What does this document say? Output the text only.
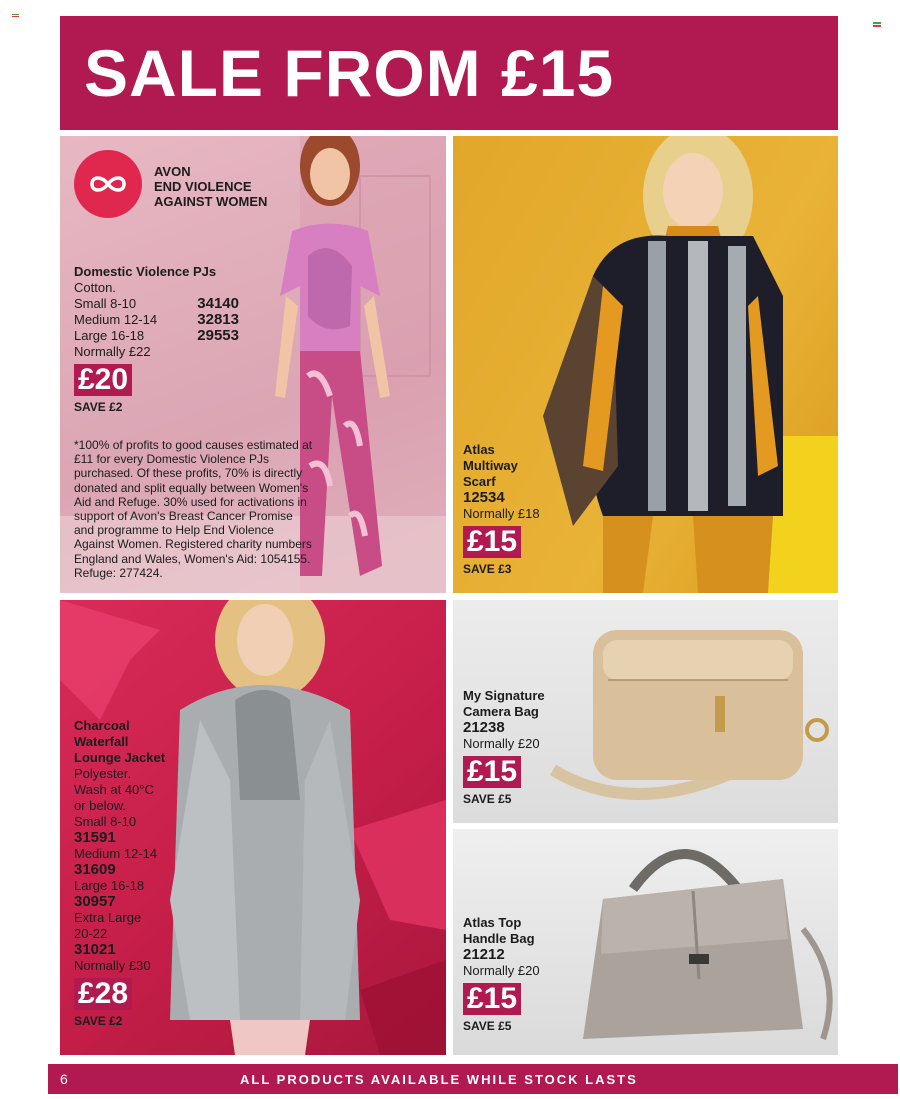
SALE FROM £15
AVON
END VIOLENCE
AGAINST WOMEN
Domestic Violence PJs
Cotton.
Small 8-10	34140
Medium 12-14	32813
Large 16-18	29553
Normally £22
£20
SAVE £2
*100% of profits to good causes estimated at £11 for every Domestic Violence PJs purchased. Of these profits, 70% is directly donated and split equally between Women's Aid and Refuge. 30% used for activations in support of Avon's Breast Cancer Promise and programme to Help End Violence Against Women. Registered charity numbers England and Wales, Women's Aid: 1054155. Refuge: 277424.
Atlas
Multiway
Scarf
12534
Normally £18
£15
SAVE £3
Charcoal
Waterfall
Lounge Jacket
Polyester.
Wash at 40°C
or below.
Small 8-10
31591
Medium 12-14
31609
Large 16-18
30957
Extra Large
20-22
31021
Normally £30
£28
SAVE £2
My Signature
Camera Bag
21238
Normally £20
£15
SAVE £5
Atlas Top
Handle Bag
21212
Normally £20
£15
SAVE £5
6	ALL PRODUCTS AVAILABLE WHILE STOCK LASTS
